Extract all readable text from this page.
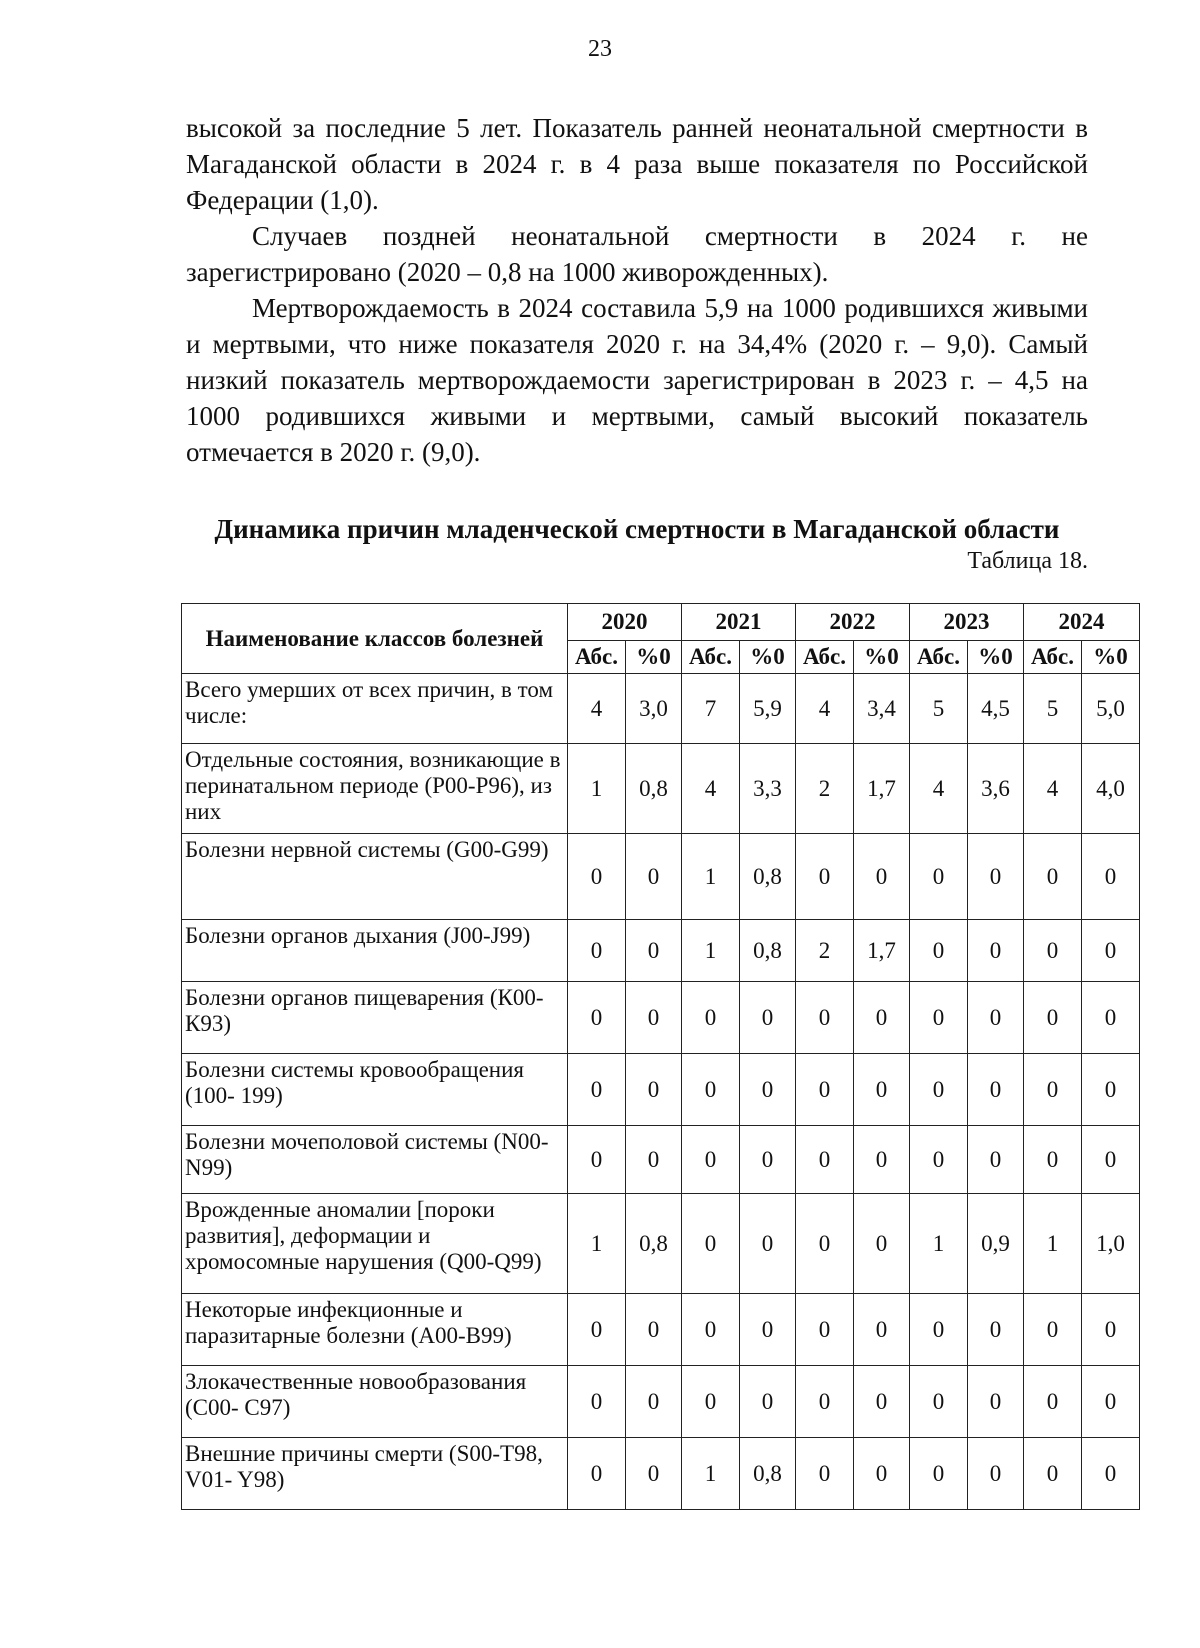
23

высокой за последние 5 лет. Показатель ранней неонатальной смертности в Магаданской области в 2024 г. в 4 раза выше показателя по Российской Федерации (1,0).

Случаев поздней неонатальной смертности в 2024 г. не зарегистрировано (2020 – 0,8 на 1000 живорожденных).

Мертворождаемость в 2024 составила 5,9 на 1000 родившихся живыми и мертвыми, что ниже показателя 2020 г. на 34,4% (2020 г. – 9,0). Самый низкий показатель мертворождаемости зарегистрирован в 2023 г. – 4,5 на 1000 родившихся живыми и мертвыми, самый высокий показатель отмечается в 2020 г. (9,0).

Динамика причин младенческой смертности в Магаданской области
Таблица 18.
Наименование классов болезней	2020		2021		2022		2023		2024	
	Абс.	%0	Абс.	%0	Абс.	%0	Абс.	%0	Абс.	%0
Всего умерших от всех причин, в том числе:	4	3,0	7	5,9	4	3,4	5	4,5	5	5,0
Отдельные состояния, возникающие в перинатальном периоде (Р00-Р96), из них	1	0,8	4	3,3	2	1,7	4	3,6	4	4,0
Болезни нервной системы (G00-G99)	0	0	1	0,8	0	0	0	0	0	0
Болезни органов дыхания (J00-J99)	0	0	1	0,8	2	1,7	0	0	0	0
Болезни органов пищеварения (К00-К93)	0	0	0	0	0	0	0	0	0	0
Болезни системы кровообращения (100- 199)	0	0	0	0	0	0	0	0	0	0
Болезни мочеполовой системы (N00-N99)	0	0	0	0	0	0	0	0	0	0
Врожденные аномалии [пороки развития], деформации и хромосомные нарушения (Q00-Q99)	1	0,8	0	0	0	0	1	0,9	1	1,0
Некоторые инфекционные и паразитарные болезни (А00-В99)	0	0	0	0	0	0	0	0	0	0
Злокачественные новообразования (С00- С97)	0	0	0	0	0	0	0	0	0	0
Внешние причины смерти (S00-Т98, V01- Y98)	0	0	1	0,8	0	0	0	0	0	0
